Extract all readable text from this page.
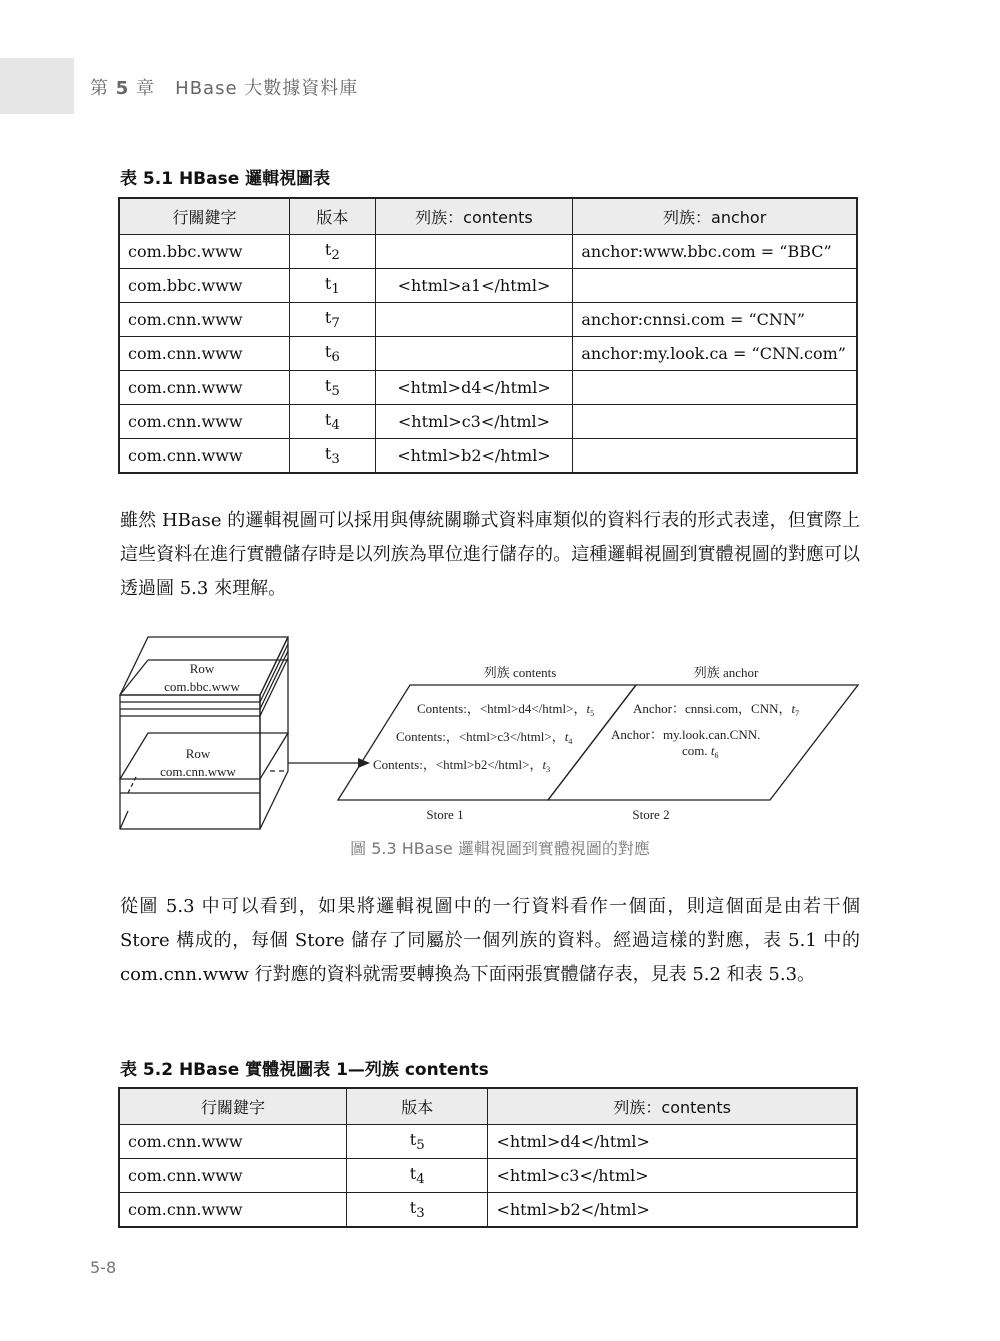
第 5 章 HBase 大數據資料庫
表 5.1 HBase 邏輯視圖表
行關鍵字	版本	列族：contents	列族：anchor
com.bbc.www	$t_2$		anchor:www.bbc.com = “BBC”
com.bbc.www	$t_1$	<html>a1</html>	
com.cnn.www	$t_7$		anchor:cnnsi.com = “CNN”
com.cnn.www	$t_6$		anchor:my.look.ca = “CNN.com”
com.cnn.www	$t_5$	<html>d4</html>	
com.cnn.www	$t_4$	<html>c3</html>	
com.cnn.www	$t_3$	<html>b2</html>	
雖然 HBase 的邏輯視圖可以採用與傳統關聯式資料庫類似的資料行表的形式表達，但實際上這些資料在進行實體儲存時是以列族為單位進行儲存的。這種邏輯視圖到實體視圖的對應可以透過圖 5.3 來理解。
Row
com.bbc.www
Row
com.cnn.www
列族 contents	列族 anchor
Contents:，<html>d4</html>，$t_5$
Contents:，<html>c3</html>，$t_4$
Contents:，<html>b2</html>，$t_3$
Anchor：cnnsi.com，CNN，$t_7$
Anchor：my.look.can.CNN.
com. $t_6$
Store 1	Store 2
圖 5.3 HBase 邏輯視圖到實體視圖的對應
從圖 5.3 中可以看到，如果將邏輯視圖中的一行資料看作一個面，則這個面是由若干個 Store 構成的，每個 Store 儲存了同屬於一個列族的資料。經過這樣的對應，表 5.1 中的 com.cnn.www 行對應的資料就需要轉換為下面兩張實體儲存表，見表 5.2 和表 5.3。
表 5.2 HBase 實體視圖表 1—列族 contents
行關鍵字	版本	列族：contents
com.cnn.www	$t_5$	<html>d4</html>
com.cnn.www	$t_4$	<html>c3</html>
com.cnn.www	$t_3$	<html>b2</html>
5-8
